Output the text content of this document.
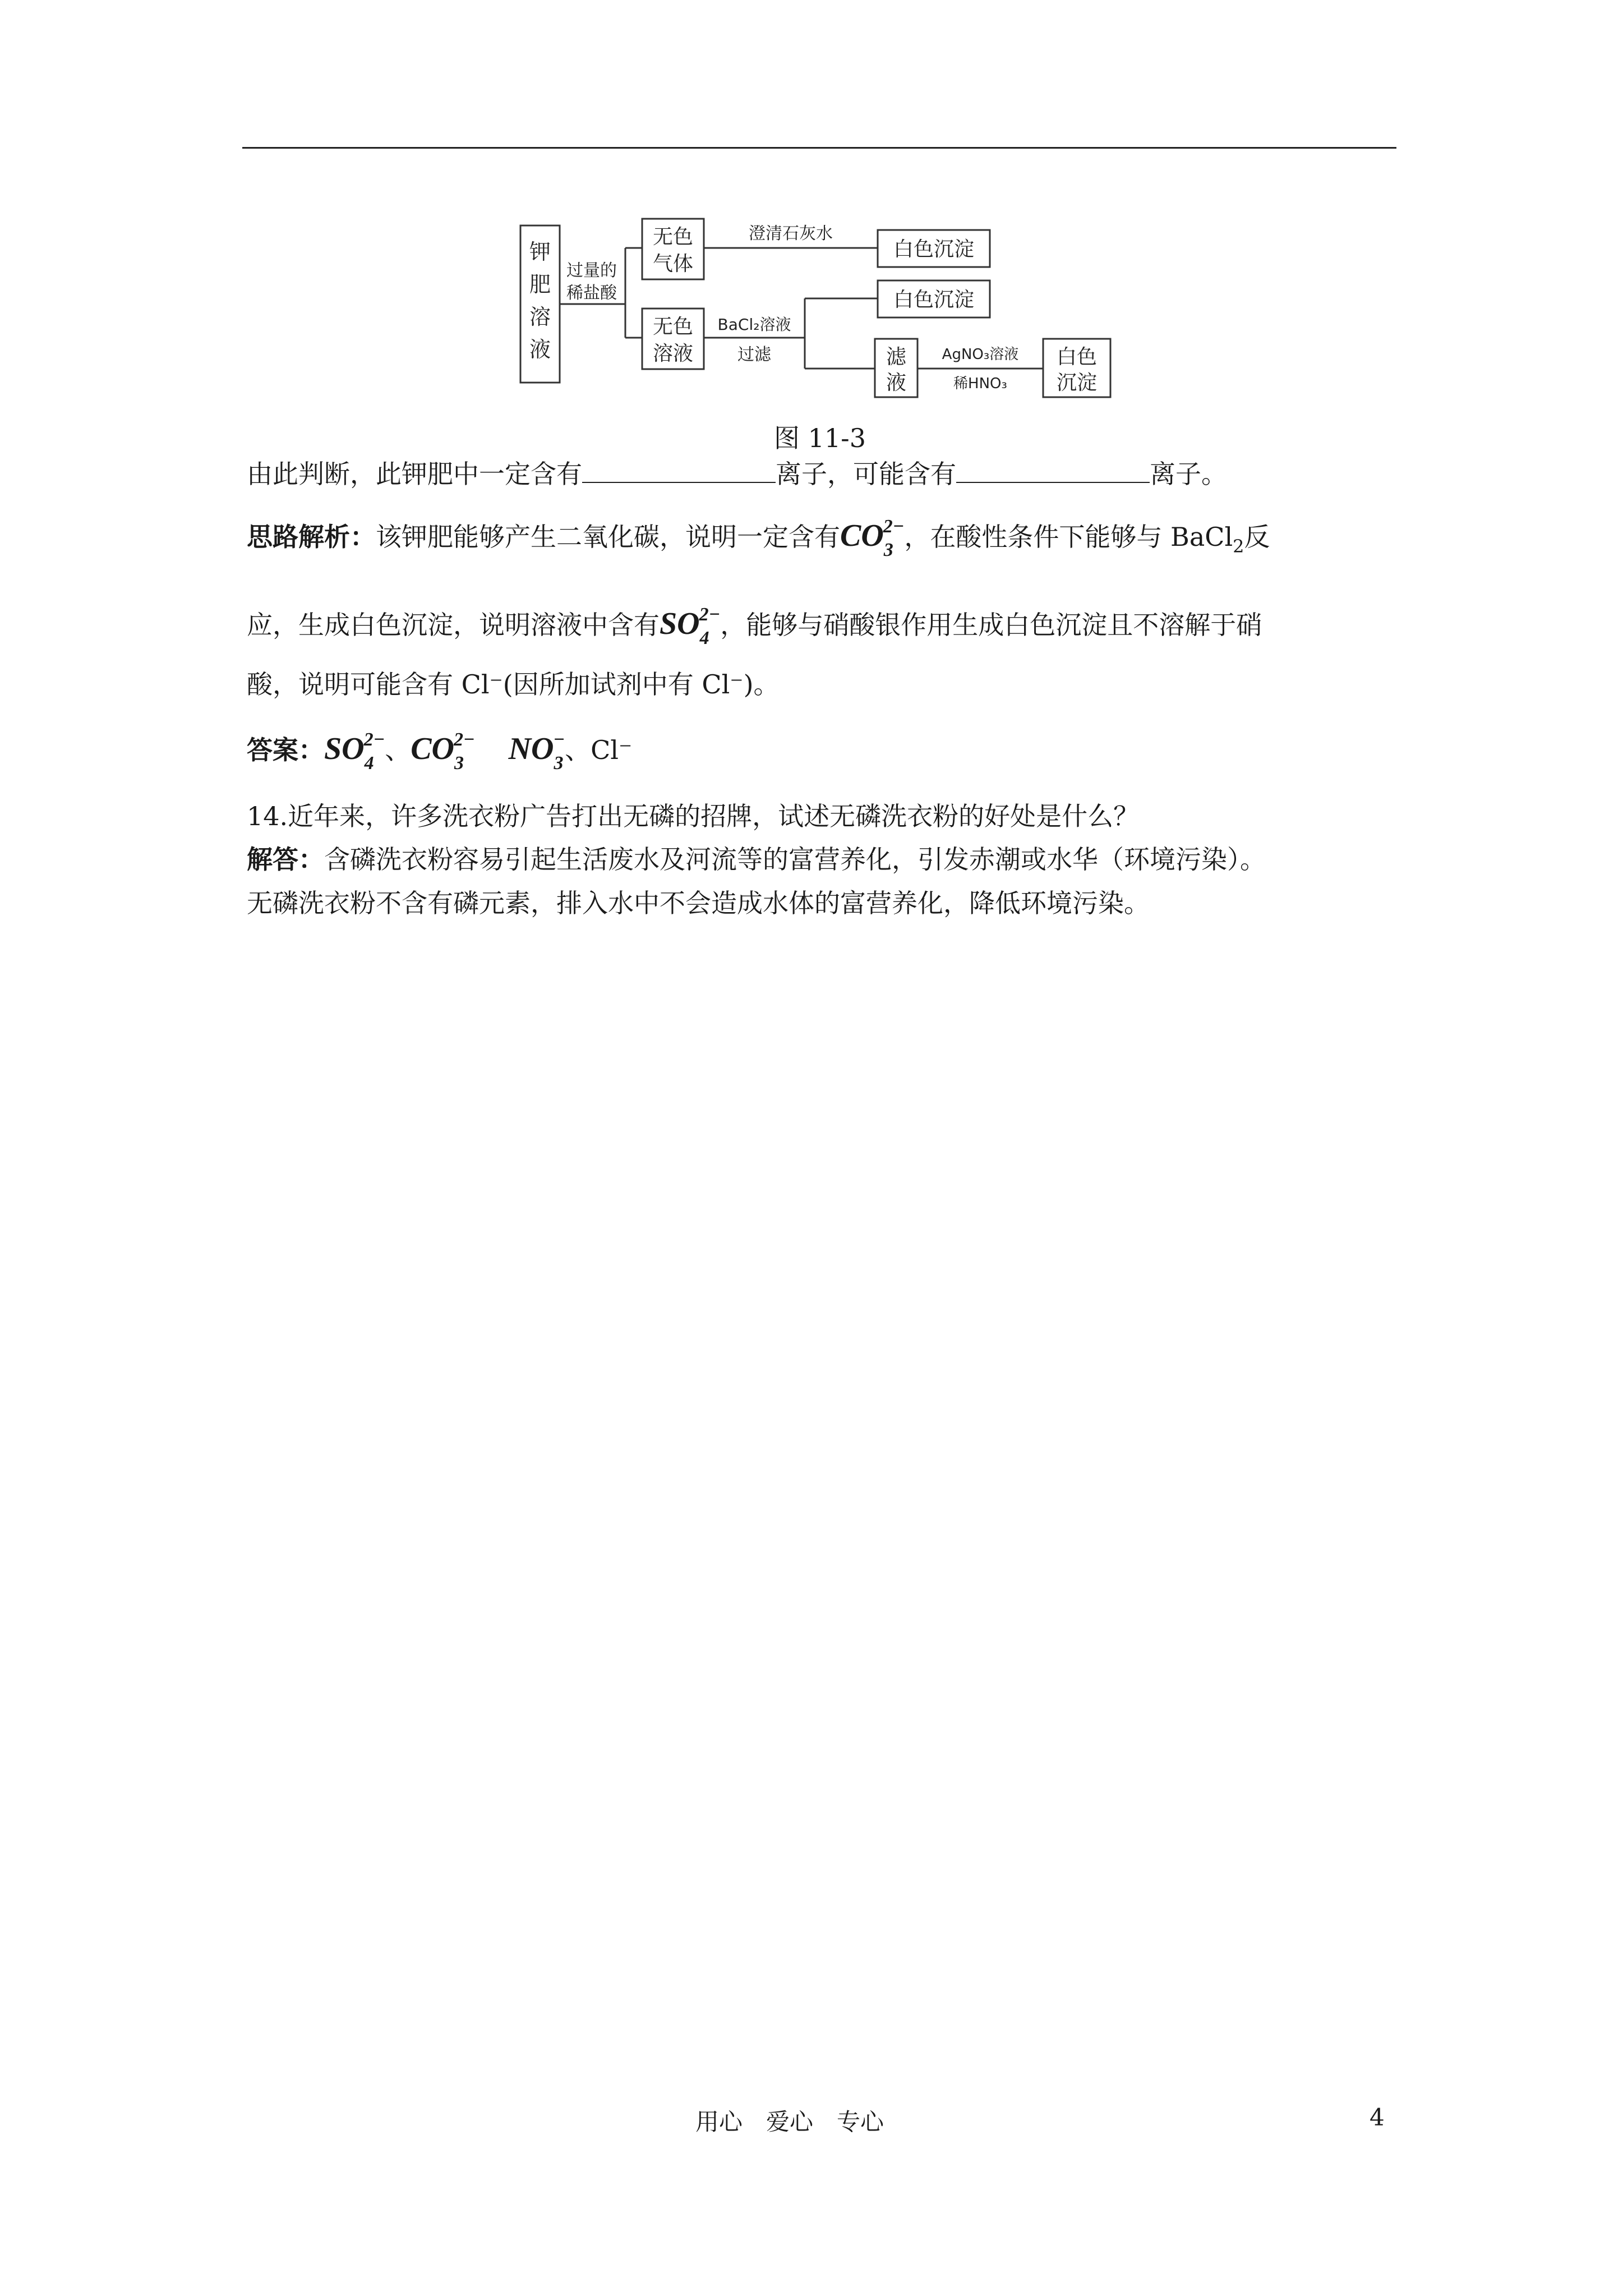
钾
肥
溶
液
过量的
稀盐酸
无色
气体
澄清石灰水
白色沉淀
无色
溶液
BaCl₂溶液
过滤
白色沉淀
滤
液
AgNO₃溶液
稀HNO₃
白色
沉淀
图 11-3
由此判断，此钾肥中一定含有	离子，可能含有	离子。
思路解析：该钾肥能够产生二氧化碳，说明一定含有$CO_3^{2-}$，在酸性条件下能够与 BaCl$_2$反
应，生成白色沉淀，说明溶液中含有$SO_4^{2-}$，能够与硝酸银作用生成白色沉淀且不溶解于硝
酸，说明可能含有 Cl⁻(因所加试剂中有 Cl⁻)。
答案：$SO_4^{2-}$、$CO_3^{2-}$ $NO_3^-$、Cl⁻
14.近年来，许多洗衣粉广告打出无磷的招牌，试述无磷洗衣粉的好处是什么？
解答：含磷洗衣粉容易引起生活废水及河流等的富营养化，引发赤潮或水华（环境污染）。
无磷洗衣粉不含有磷元素，排入水中不会造成水体的富营养化，降低环境污染。
用心　爱心　专心	4
